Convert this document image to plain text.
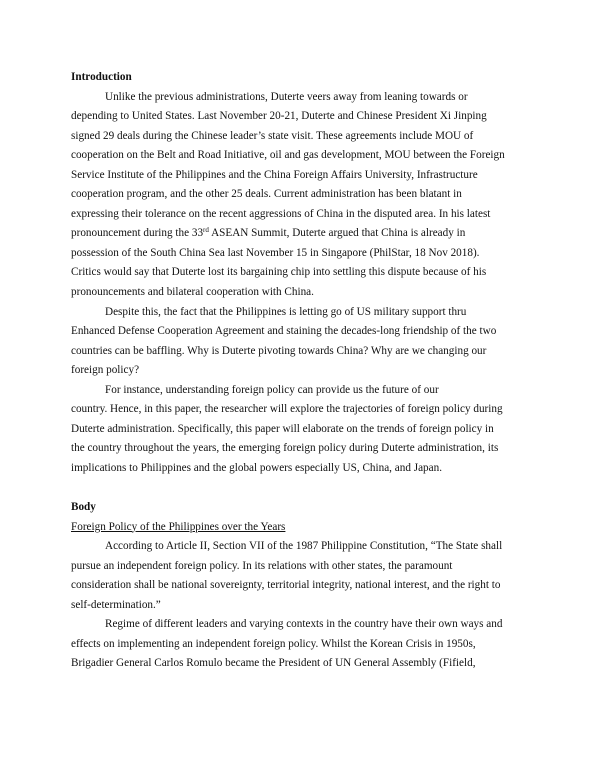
Introduction

Unlike the previous administrations, Duterte veers away from leaning towards or

depending to United States. Last November 20-21, Duterte and Chinese President Xi Jinping

signed 29 deals during the Chinese leader’s state visit. These agreements include MOU of

cooperation on the Belt and Road Initiative, oil and gas development, MOU between the Foreign

Service Institute of the Philippines and the China Foreign Affairs University, Infrastructure

cooperation program, and the other 25 deals. Current administration has been blatant in

expressing their tolerance on the recent aggressions of China in the disputed area. In his latest

pronouncement during the 33rd ASEAN Summit, Duterte argued that China is already in

possession of the South China Sea last November 15 in Singapore (PhilStar, 18 Nov 2018).

Critics would say that Duterte lost its bargaining chip into settling this dispute because of his

pronouncements and bilateral cooperation with China.

Despite this, the fact that the Philippines is letting go of US military support thru

Enhanced Defense Cooperation Agreement and staining the decades-long friendship of the two

countries can be baffling. Why is Duterte pivoting towards China? Why are we changing our

foreign policy?

For instance, understanding foreign policy can provide us the future of our

country. Hence, in this paper, the researcher will explore the trajectories of foreign policy during

Duterte administration. Specifically, this paper will elaborate on the trends of foreign policy in

the country throughout the years, the emerging foreign policy during Duterte administration, its

implications to Philippines and the global powers especially US, China, and Japan.

Body

Foreign Policy of the Philippines over the Years

According to Article II, Section VII of the 1987 Philippine Constitution, “The State shall

pursue an independent foreign policy. In its relations with other states, the paramount

consideration shall be national sovereignty, territorial integrity, national interest, and the right to

self-determination.”

Regime of different leaders and varying contexts in the country have their own ways and

effects on implementing an independent foreign policy. Whilst the Korean Crisis in 1950s,

Brigadier General Carlos Romulo became the President of UN General Assembly (Fifield,
